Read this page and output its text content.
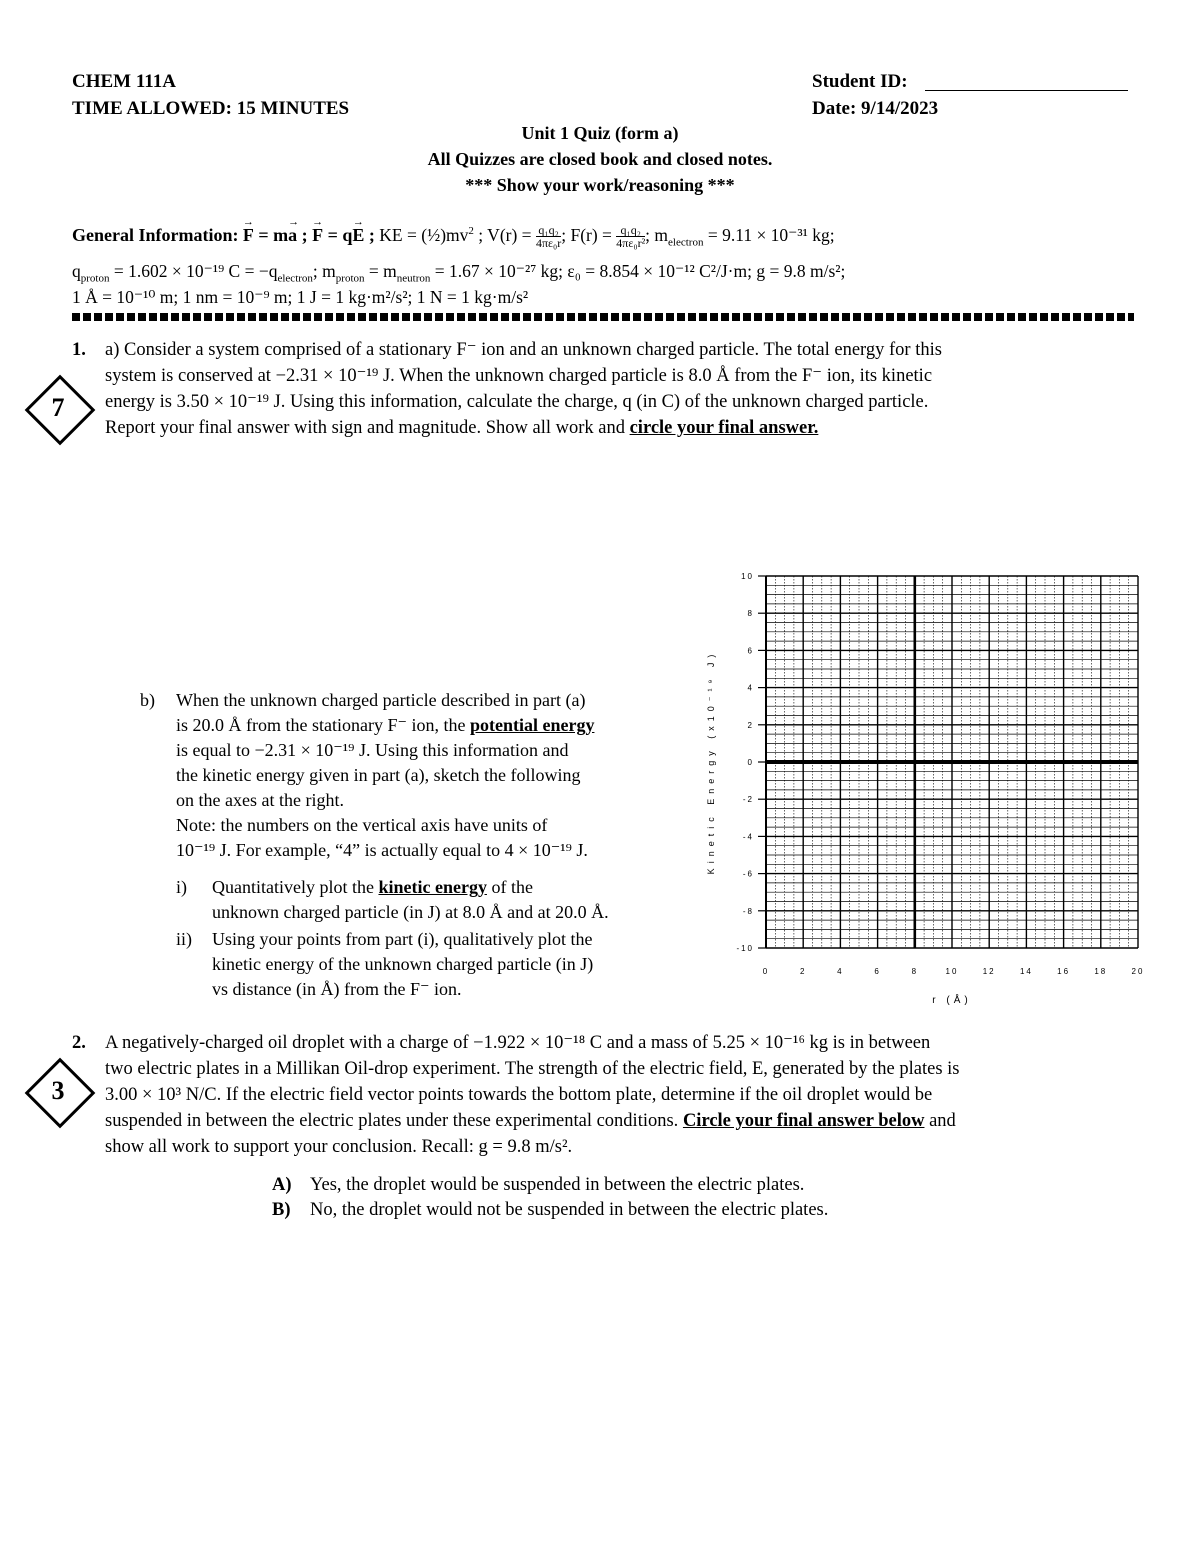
CHEM 111A
TIME ALLOWED: 15 MINUTES
Student ID:
Date: 9/14/2023
Unit 1 Quiz (form a)
All Quizzes are closed book and closed notes.
*** Show your work/reasoning ***
General Information: → F = m→ a ; → F = q→ E ; KE = $(\frac{1}{2})mv^2$ ; $V(r) = \frac{\text{q₁q₂}}{\text{4πε₀r}}$ ; $F(r) = \frac{\text{q₁q₂}}{\text{4πε₀r²}}$ ; $m_{electron} = 9.11 \times 10^{-31}$ kg;
$q_{proton} = 1.602 \times 10^{-19}$ $C = -q_{electron}$; $m_{proton} = m_{neutron} = 1.67 \times 10^{-27}$ kg; ε₀ = 8.854 × 10⁻¹² C²/J·m; g = 9.8 m/s²;
1 Å = 10⁻¹⁰ m; 1 nm = 10⁻⁹ m; 1 J = 1 kg·m²/s²; 1 N = 1 kg·m/s²
7
1. a) Consider a system comprised of a stationary F⁻ ion and an unknown charged particle. The total energy for this
system is conserved at −2.31 × 10⁻¹⁹ J. When the unknown charged particle is 8.0 Å from the F⁻ ion, its kinetic
energy is 3.50 × 10⁻¹⁹ J. Using this information, calculate the charge, q (in C) of the unknown charged particle.
Report your final answer with sign and magnitude. Show all work and circle your final answer.
b) When the unknown charged particle described in part (a)
is 20.0 Å from the stationary F⁻ ion, the potential energy
is equal to −2.31 × 10⁻¹⁹ J. Using this information and
the kinetic energy given in part (a), sketch the following
on the axes at the right.
Note: the numbers on the vertical axis have units of
10⁻¹⁹ J. For example, “4” is actually equal to 4 × 10⁻¹⁹ J.
i) Quantitatively plot the kinetic energy of the
unknown charged particle (in J) at 8.0 Å and at 20.0 Å.
ii) Using your points from part (i), qualitatively plot the
kinetic energy of the unknown charged particle (in J)
vs distance (in Å) from the F⁻ ion.
10
8
6
4
2
0
-2
-4
-6
-8
-10
0	2	4	6	8	10	12	14	16	18	20
r (Å)
Kinetic Energy (x10⁻¹⁹ J)
3
2. A negatively-charged oil droplet with a charge of −1.922 × 10⁻¹⁸ C and a mass of 5.25 × 10⁻¹⁶ kg is in between
two electric plates in a Millikan Oil-drop experiment. The strength of the electric field, E, generated by the plates is
3.00 × 10³ N/C. If the electric field vector points towards the bottom plate, determine if the oil droplet would be
suspended in between the electric plates under these experimental conditions. Circle your final answer below and
show all work to support your conclusion. Recall: g = 9.8 m/s².
A) Yes, the droplet would be suspended in between the electric plates.
B) No, the droplet would not be suspended in between the electric plates.
